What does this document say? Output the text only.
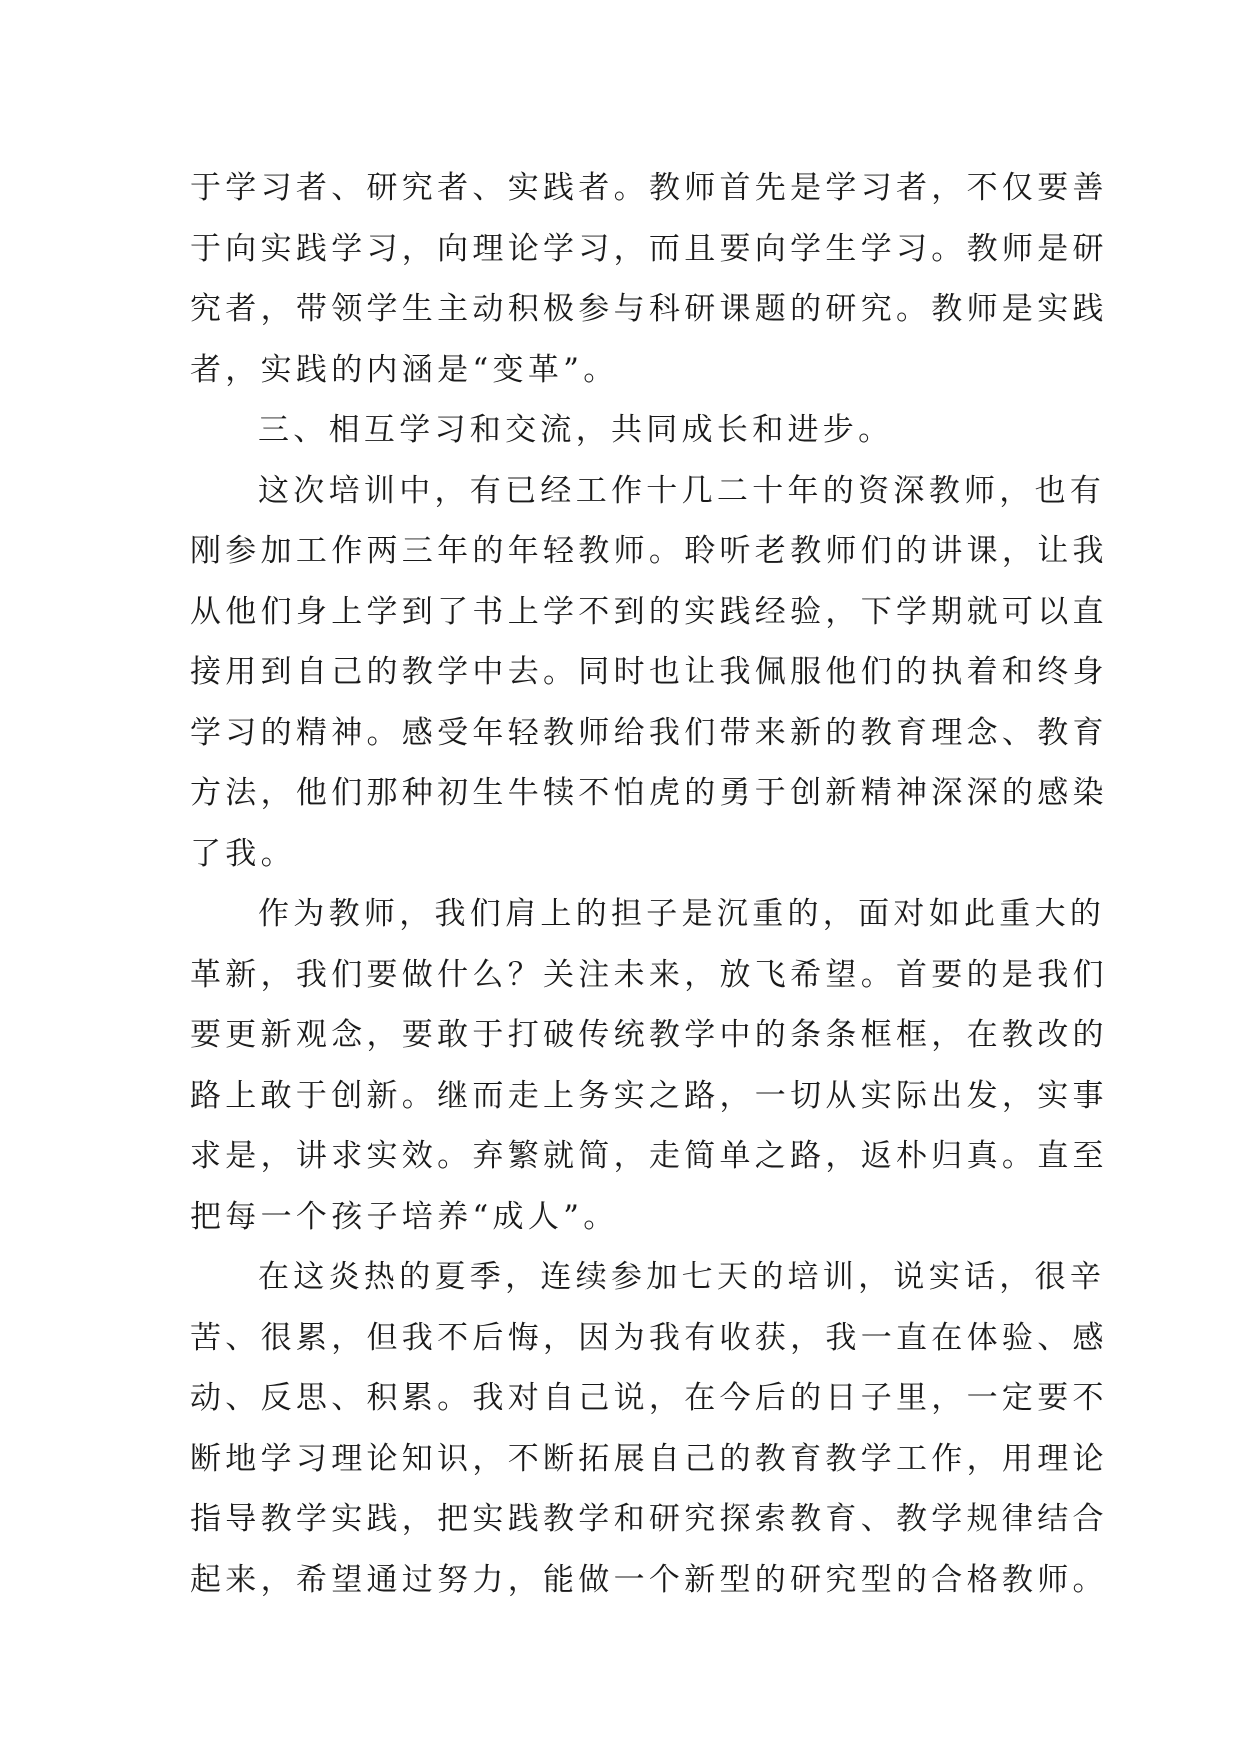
于学习者、研究者、实践者。教师首先是学习者，不仅要善
于向实践学习，向理论学习，而且要向学生学习。教师是研
究者，带领学生主动积极参与科研课题的研究。教师是实践
者，实践的内涵是“变革”。
三、相互学习和交流，共同成长和进步。
这次培训中，有已经工作十几二十年的资深教师，也有
刚参加工作两三年的年轻教师。聆听老教师们的讲课，让我
从他们身上学到了书上学不到的实践经验，下学期就可以直
接用到自己的教学中去。同时也让我佩服他们的执着和终身
学习的精神。感受年轻教师给我们带来新的教育理念、教育
方法，他们那种初生牛犊不怕虎的勇于创新精神深深的感染
了我。
作为教师，我们肩上的担子是沉重的，面对如此重大的
革新，我们要做什么？关注未来，放飞希望。首要的是我们
要更新观念，要敢于打破传统教学中的条条框框，在教改的
路上敢于创新。继而走上务实之路，一切从实际出发，实事
求是，讲求实效。弃繁就简，走简单之路，返朴归真。直至
把每一个孩子培养“成人”。
在这炎热的夏季，连续参加七天的培训，说实话，很辛
苦、很累，但我不后悔，因为我有收获，我一直在体验、感
动、反思、积累。我对自己说，在今后的日子里，一定要不
断地学习理论知识，不断拓展自己的教育教学工作，用理论
指导教学实践，把实践教学和研究探索教育、教学规律结合
起来，希望通过努力，能做一个新型的研究型的合格教师。
